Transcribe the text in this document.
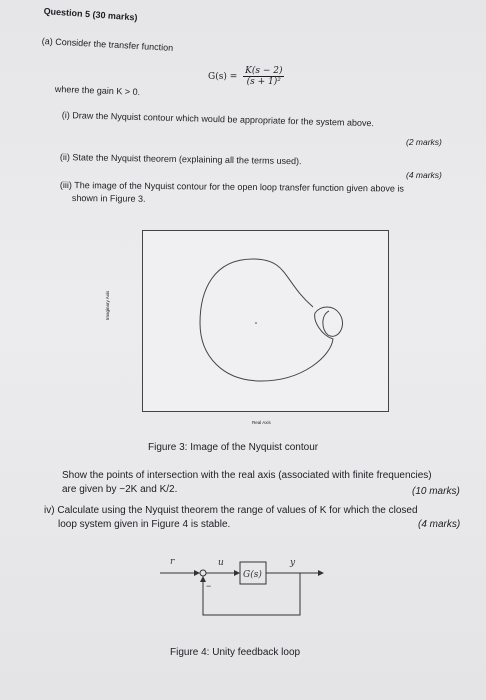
Question 5 (30 marks)
(a) Consider the transfer function
$G(s) = \frac{K(s - 2)}{\text{(s + 1)²}}$
where the gain K > 0.
(i) Draw the Nyquist contour which would be appropriate for the system above.
(2 marks)
(ii) State the Nyquist theorem (explaining all the terms used).
(4 marks)
(iii) The image of the Nyquist contour for the open loop transfer function given above is
shown in Figure 3.
Imaginary Axis
Real Axis
Figure 3: Image of the Nyquist contour
Show the points of intersection with the real axis (associated with finite frequencies)
are given by −2K and K/2.	(10 marks)
iv) Calculate using the Nyquist theorem the range of values of K for which the closed
loop system given in Figure 4 is stable.	(4 marks)
r	u	y
−
G(s)
Figure 4: Unity feedback loop
